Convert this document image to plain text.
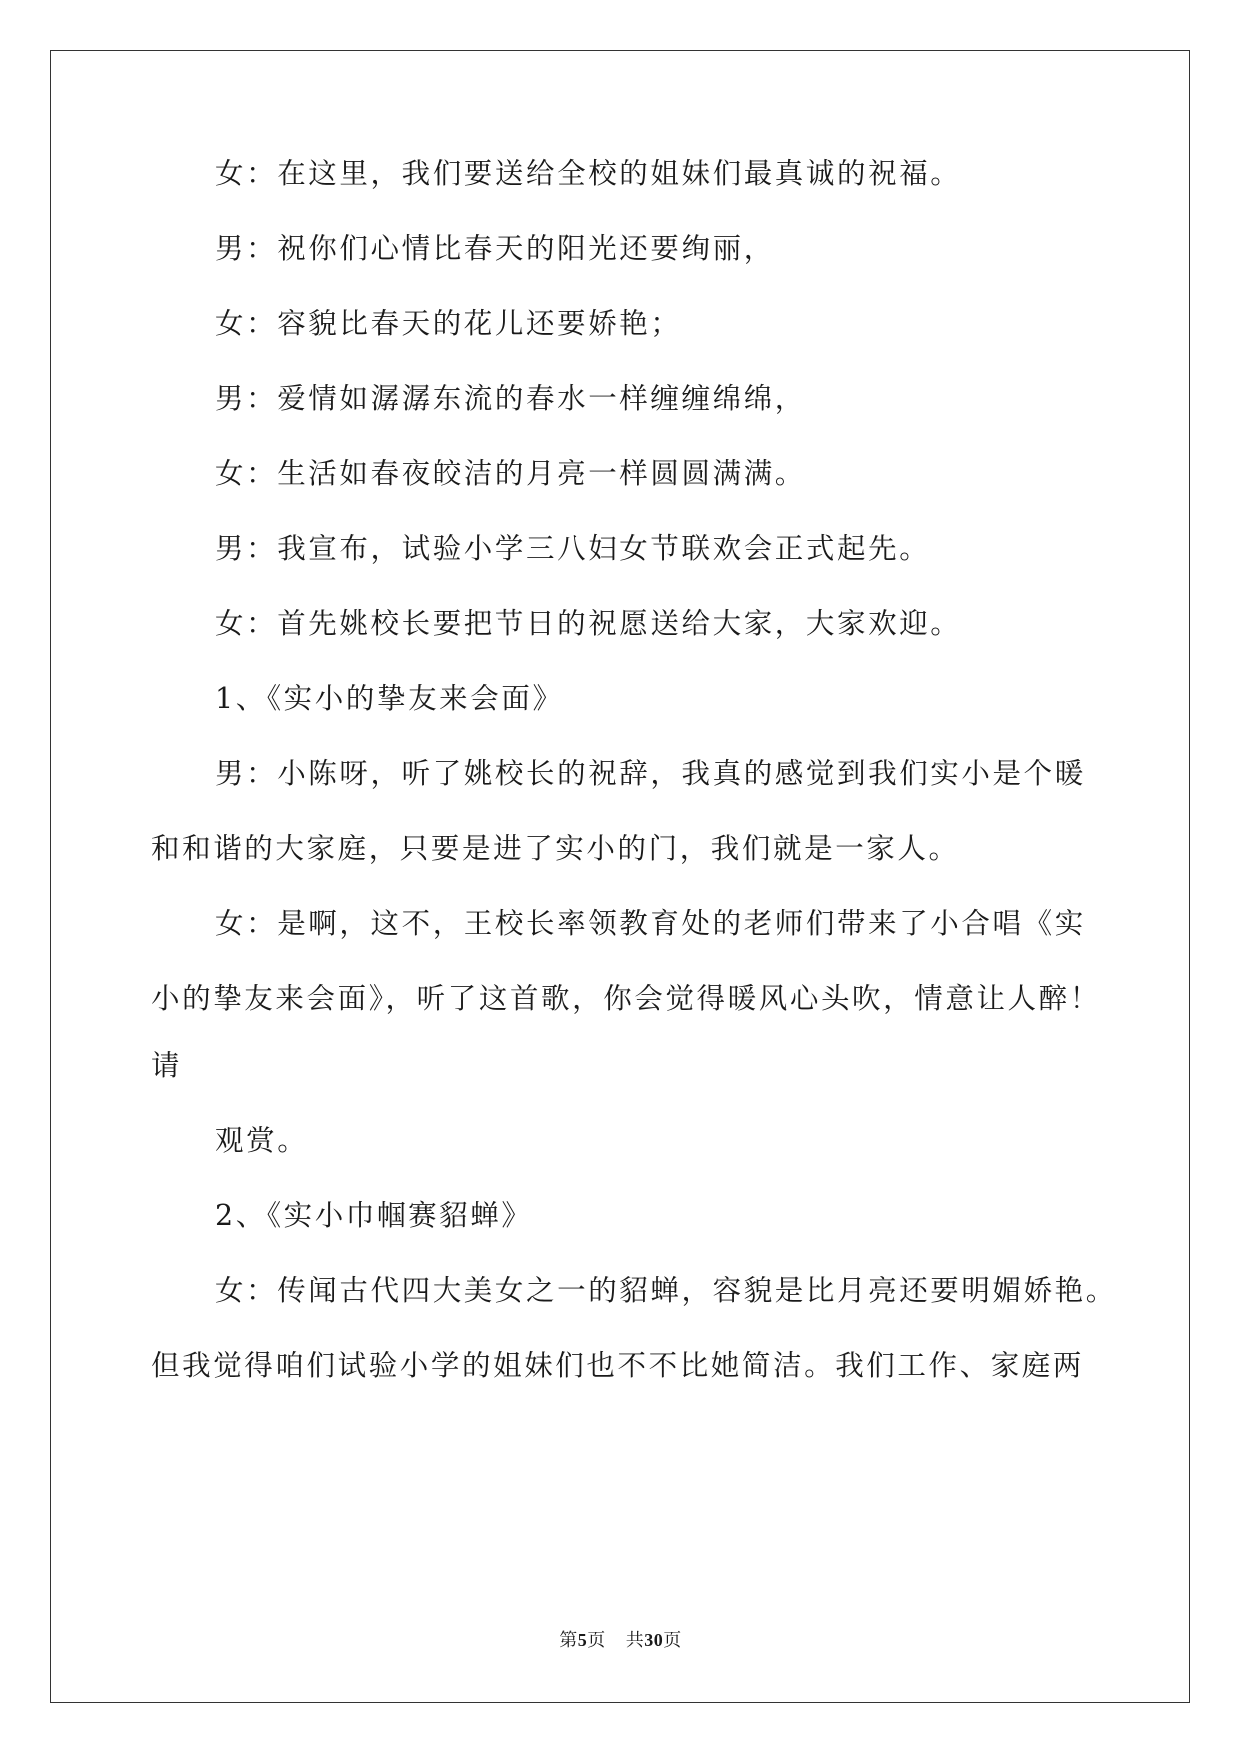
女：在这里，我们要送给全校的姐妹们最真诚的祝福。
男：祝你们心情比春天的阳光还要绚丽，
女：容貌比春天的花儿还要娇艳；
男：爱情如潺潺东流的春水一样缠缠绵绵，
女：生活如春夜皎洁的月亮一样圆圆满满。
男：我宣布，试验小学三八妇女节联欢会正式起先。
女：首先姚校长要把节日的祝愿送给大家，大家欢迎。
1、《实小的挚友来会面》
男：小陈呀，听了姚校长的祝辞，我真的感觉到我们实小是个暖
和和谐的大家庭，只要是进了实小的门，我们就是一家人。
女：是啊，这不，王校长率领教育处的老师们带来了小合唱《实
小的挚友来会面》，听了这首歌，你会觉得暖风心头吹，情意让人醉！
请
观赏。
2、《实小巾帼赛貂蝉》
女：传闻古代四大美女之一的貂蝉，容貌是比月亮还要明媚娇艳。
但我觉得咱们试验小学的姐妹们也不不比她简洁。我们工作、家庭两
第5页 共30页
